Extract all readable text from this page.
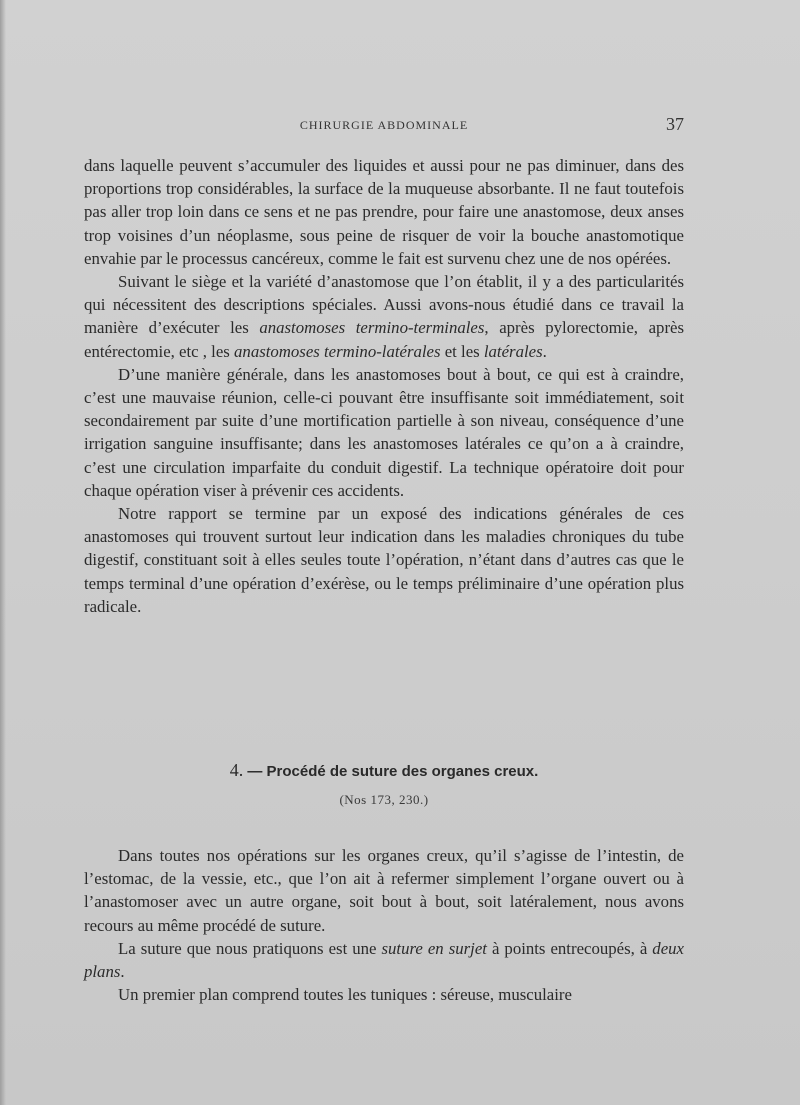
CHIRURGIE ABDOMINALE	37

dans laquelle peuvent s’accumuler des liquides et aussi pour ne pas diminuer, dans des proportions trop considérables, la surface de la muqueuse absorbante. Il ne faut toutefois pas aller trop loin dans ce sens et ne pas prendre, pour faire une anastomose, deux anses trop voisines d’un néoplasme, sous peine de risquer de voir la bouche anastomotique envahie par le processus cancéreux, comme le fait est survenu chez une de nos opérées.

Suivant le siège et la variété d’anastomose que l’on établit, il y a des particularités qui nécessitent des descriptions spéciales. Aussi avons-nous étudié dans ce travail la manière d’exécuter les anastomoses termino-terminales, après pylorectomie, après entérectomie, etc , les anastomoses termino-latérales et les latérales.

D’une manière générale, dans les anastomoses bout à bout, ce qui est à craindre, c’est une mauvaise réunion, celle-ci pouvant être insuffisante soit immédiatement, soit secondairement par suite d’une mortification partielle à son niveau, conséquence d’une irrigation sanguine insuffisante; dans les anastomoses latérales ce qu’on a à craindre, c’est une circulation imparfaite du conduit digestif. La technique opératoire doit pour chaque opération viser à prévenir ces accidents.

Notre rapport se termine par un exposé des indications générales de ces anastomoses qui trouvent surtout leur indication dans les maladies chroniques du tube digestif, constituant soit à elles seules toute l’opération, n’étant dans d’autres cas que le temps terminal d’une opération d’exérèse, ou le temps préliminaire d’une opération plus radicale.

4. — Procédé de suture des organes creux.
(Nos 173, 230.)

Dans toutes nos opérations sur les organes creux, qu’il s’agisse de l’intestin, de l’estomac, de la vessie, etc., que l’on ait à refermer simplement l’organe ouvert ou à l’anastomoser avec un autre organe, soit bout à bout, soit latéralement, nous avons recours au même procédé de suture.

La suture que nous pratiquons est une suture en surjet à points entrecoupés, à deux plans.

Un premier plan comprend toutes les tuniques : séreuse, musculaire
